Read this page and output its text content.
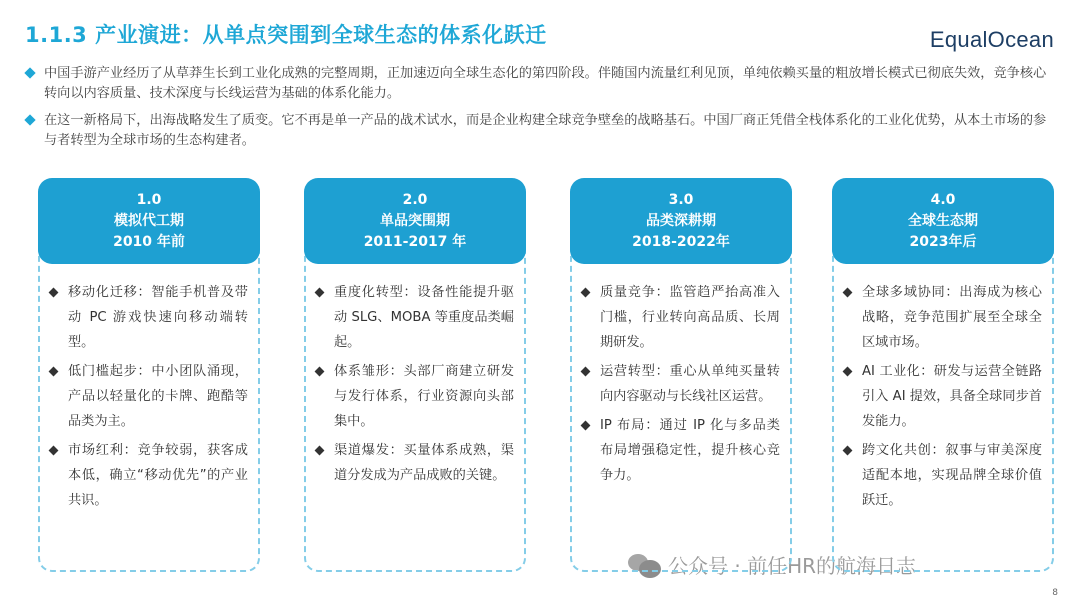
1.1.3 产业演进：从单点突围到全球生态的体系化跃迁	EqualOcean
中国手游产业经历了从草莽生长到工业化成熟的完整周期，正加速迈向全球生态化的第四阶段。伴随国内流量红利见顶，单纯依赖买量的粗放增长模式已彻底失效，竞争核心转向以内容质量、技术深度与长线运营为基础的体系化能力。
在这一新格局下，出海战略发生了质变。它不再是单一产品的战术试水，而是企业构建全球竞争壁垒的战略基石。中国厂商正凭借全栈体系化的工业化优势，从本土市场的参与者转型为全球市场的生态构建者。
1.0
模拟代工期
2010 年前
移动化迁移：智能手机普及带动 PC 游戏快速向移动端转型。
低门槛起步：中小团队涌现，产品以轻量化的卡牌、跑酷等品类为主。
市场红利：竞争较弱，获客成本低，确立“移动优先”的产业共识。
2.0
单品突围期
2011-2017 年
重度化转型：设备性能提升驱动 SLG、MOBA 等重度品类崛起。
体系雏形：头部厂商建立研发与发行体系，行业资源向头部集中。
渠道爆发：买量体系成熟，渠道分发成为产品成败的关键。
3.0
品类深耕期
2018-2022年
质量竞争：监管趋严抬高准入门槛，行业转向高品质、长周期研发。
运营转型：重心从单纯买量转向内容驱动与长线社区运营。
IP 布局：通过 IP 化与多品类布局增强稳定性，提升核心竞争力。
4.0
全球生态期
2023年后
全球多域协同：出海成为核心战略，竞争范围扩展至全球全区域市场。
AI 工业化：研发与运营全链路引入 AI 提效，具备全球同步首发能力。
跨文化共创：叙事与审美深度适配本地，实现品牌全球价值跃迁。
公众号 · 前任HR的航海日志
8
